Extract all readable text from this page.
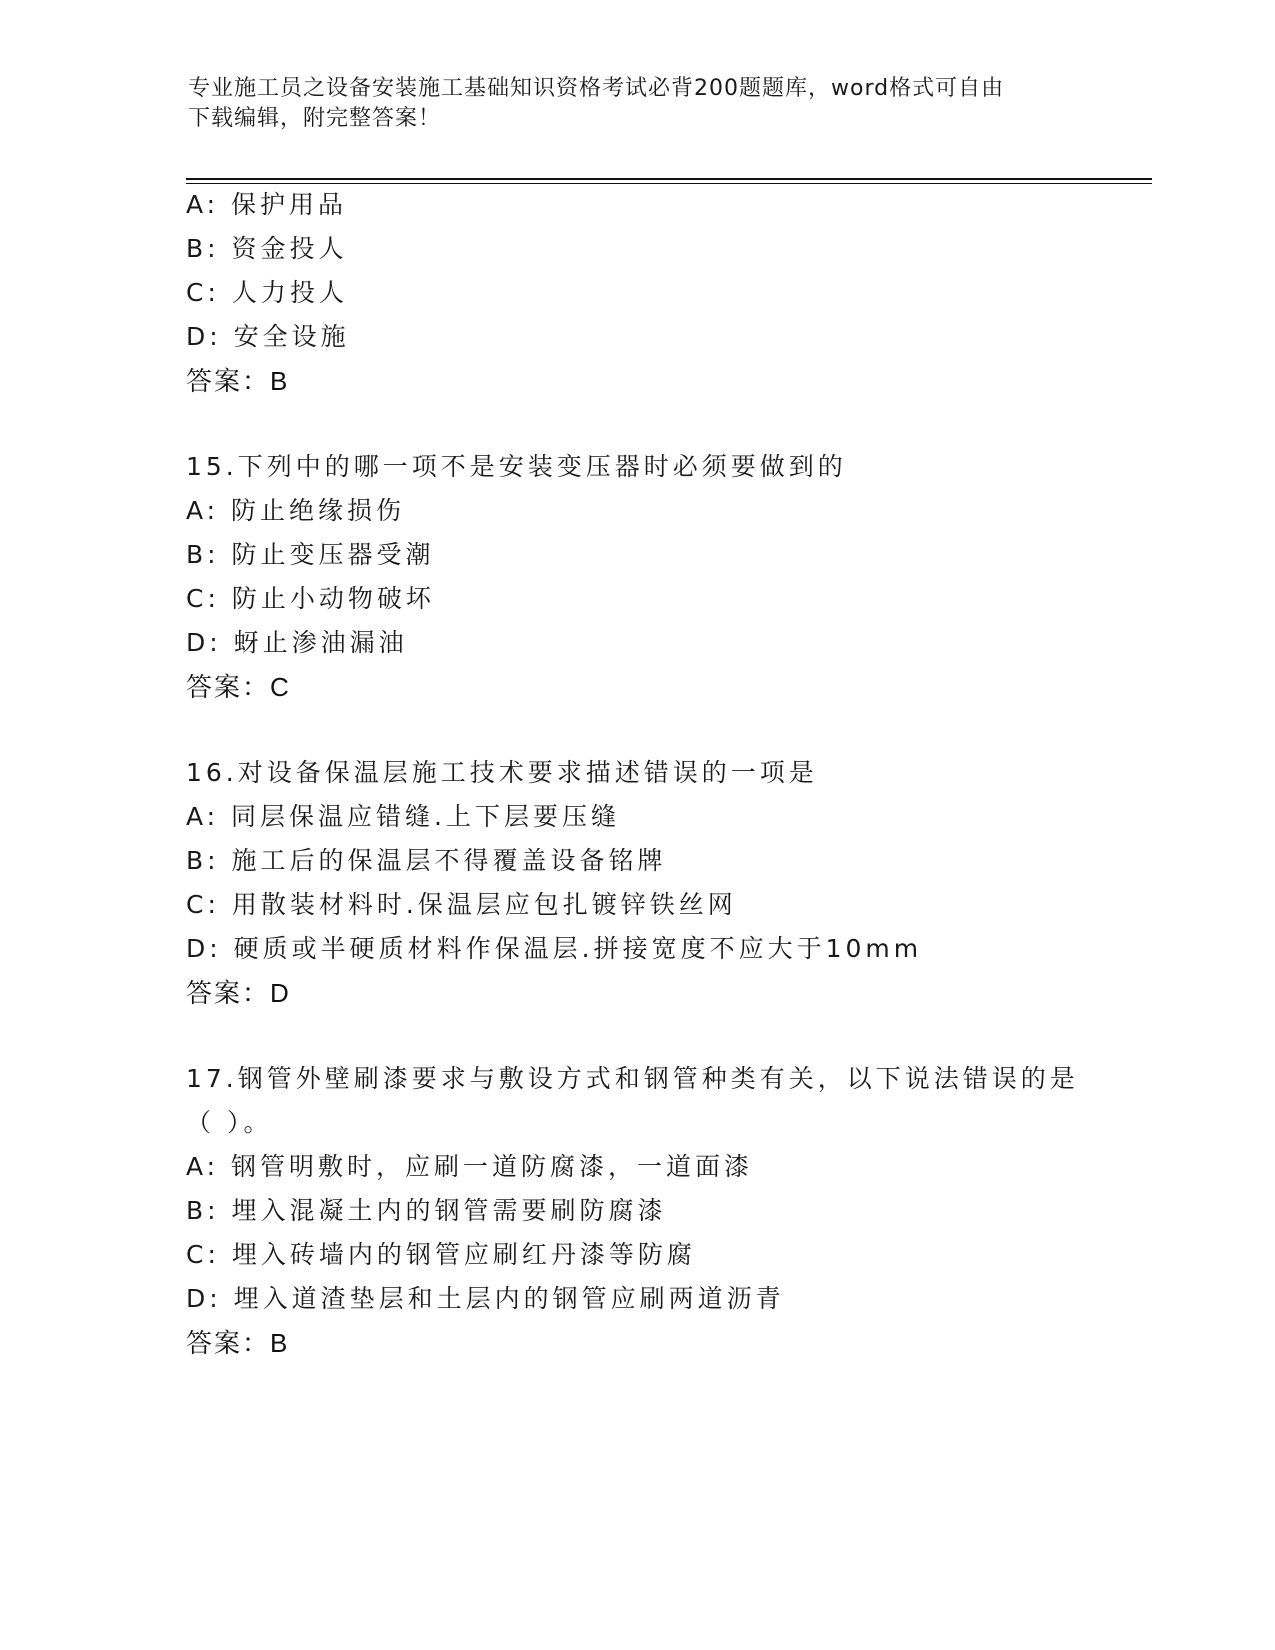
专业施工员之设备安装施工基础知识资格考试必背200题题库，word格式可自由
下载编辑，附完整答案！
A: 保护用品
B: 资金投人
C: 人力投人
D: 安全设施
答案：B
15.下列中的哪一项不是安装变压器时必须要做到的
A: 防止绝缘损伤
B: 防止变压器受潮
C: 防止小动物破坏
D: 蚜止渗油漏油
答案：C
16.对设备保温层施工技术要求描述错误的一项是
A: 同层保温应错缝.上下层要压缝
B: 施工后的保温层不得覆盖设备铭牌
C: 用散装材料时.保温层应包扎镀锌铁丝网
D: 硬质或半硬质材料作保温层.拼接宽度不应大于10mm
答案：D
17.钢管外壁刷漆要求与敷设方式和钢管种类有关，以下说法错误的是
（ ）。
A: 钢管明敷时，应刷一道防腐漆，一道面漆
B: 埋入混凝土内的钢管需要刷防腐漆
C: 埋入砖墙内的钢管应刷红丹漆等防腐
D: 埋入道渣垫层和土层内的钢管应刷两道沥青
答案：B
